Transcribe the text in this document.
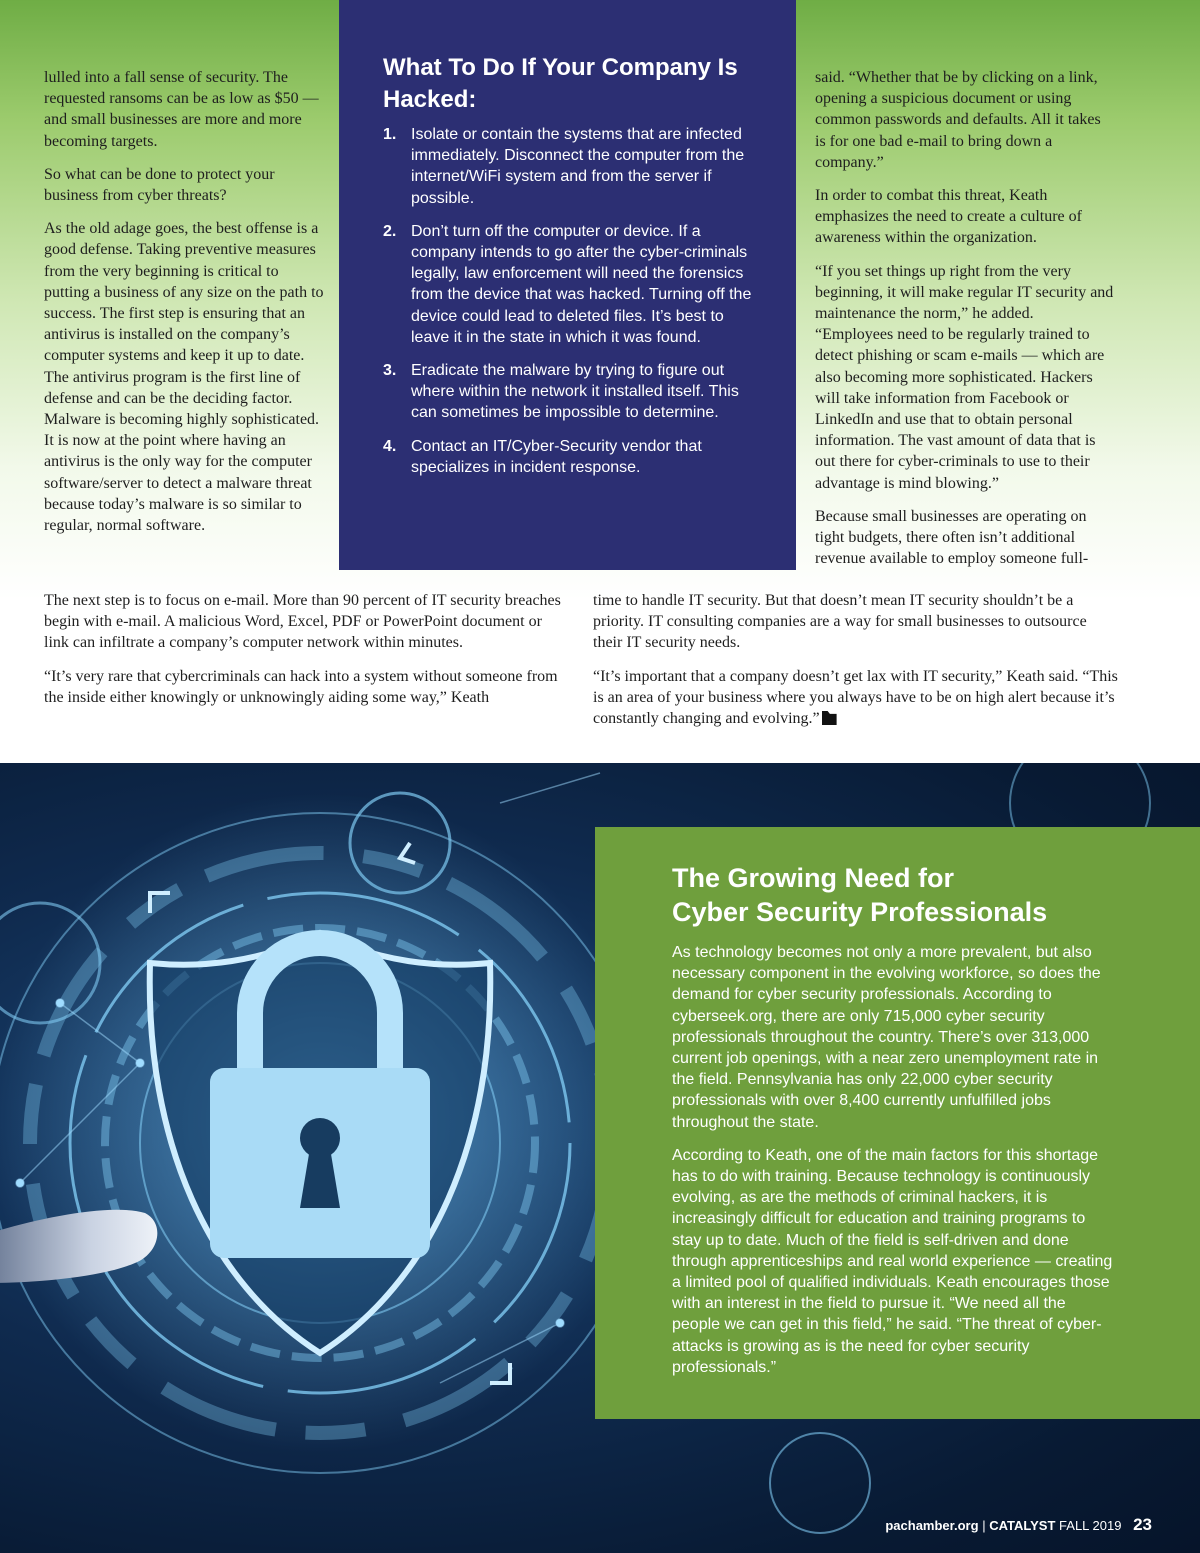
lulled into a fall sense of security. The requested ransoms can be as low as $50 — and small businesses are more and more becoming targets.

So what can be done to protect your business from cyber threats?

As the old adage goes, the best offense is a good defense. Taking preventive measures from the very beginning is critical to putting a business of any size on the path to success. The first step is ensuring that an antivirus is installed on the company’s computer systems and keep it up to date. The antivirus program is the first line of defense and can be the deciding factor. Malware is becoming highly sophisticated. It is now at the point where having an antivirus is the only way for the computer software/server to detect a malware threat because today’s malware is so similar to regular, normal software.

What To Do If Your Company Is Hacked:
1. Isolate or contain the systems that are infected immediately. Disconnect the computer from the internet/WiFi system and from the server if possible.
2. Don’t turn off the computer or device. If a company intends to go after the cyber-criminals legally, law enforcement will need the forensics from the device that was hacked. Turning off the device could lead to deleted files. It’s best to leave it in the state in which it was found.
3. Eradicate the malware by trying to figure out where within the network it installed itself. This can sometimes be impossible to determine.
4. Contact an IT/Cyber-Security vendor that specializes in incident response.

said. “Whether that be by clicking on a link, opening a suspicious document or using common passwords and defaults. All it takes is for one bad e-mail to bring down a company.”

In order to combat this threat, Keath emphasizes the need to create a culture of awareness within the organization.

“If you set things up right from the very beginning, it will make regular IT security and maintenance the norm,” he added. “Employees need to be regularly trained to detect phishing or scam e-mails — which are also becoming more sophisticated. Hackers will take information from Facebook or LinkedIn and use that to obtain personal information. The vast amount of data that is out there for cyber-criminals to use to their advantage is mind blowing.”

Because small businesses are operating on tight budgets, there often isn’t additional revenue available to employ someone full-

The next step is to focus on e-mail. More than 90 percent of IT security breaches begin with e-mail. A malicious Word, Excel, PDF or PowerPoint document or link can infiltrate a company’s computer network within minutes.

“It’s very rare that cybercriminals can hack into a system without someone from the inside either knowingly or unknowingly aiding some way,” Keath

time to handle IT security. But that doesn’t mean IT security shouldn’t be a priority. IT consulting companies are a way for small businesses to outsource their IT security needs.

“It’s important that a company doesn’t get lax with IT security,” Keath said. “This is an area of your business where you always have to be on high alert because it’s constantly changing and evolving.”

The Growing Need for
Cyber Security Professionals

As technology becomes not only a more prevalent, but also necessary component in the evolving workforce, so does the demand for cyber security professionals. According to cyberseek.org, there are only 715,000 cyber security professionals throughout the country. There’s over 313,000 current job openings, with a near zero unemployment rate in the field. Pennsylvania has only 22,000 cyber security professionals with over 8,400 currently unfulfilled jobs throughout the state.

According to Keath, one of the main factors for this shortage has to do with training. Because technology is continuously evolving, as are the methods of criminal hackers, it is increasingly difficult for education and training programs to stay up to date. Much of the field is self-driven and done through apprenticeships and real world experience — creating a limited pool of qualified individuals. Keath encourages those with an interest in the field to pursue it. “We need all the people we can get in this field,” he said. “The threat of cyber-attacks is growing as is the need for cyber security professionals.”

pachamber.org | CATALYST FALL 2019 23
